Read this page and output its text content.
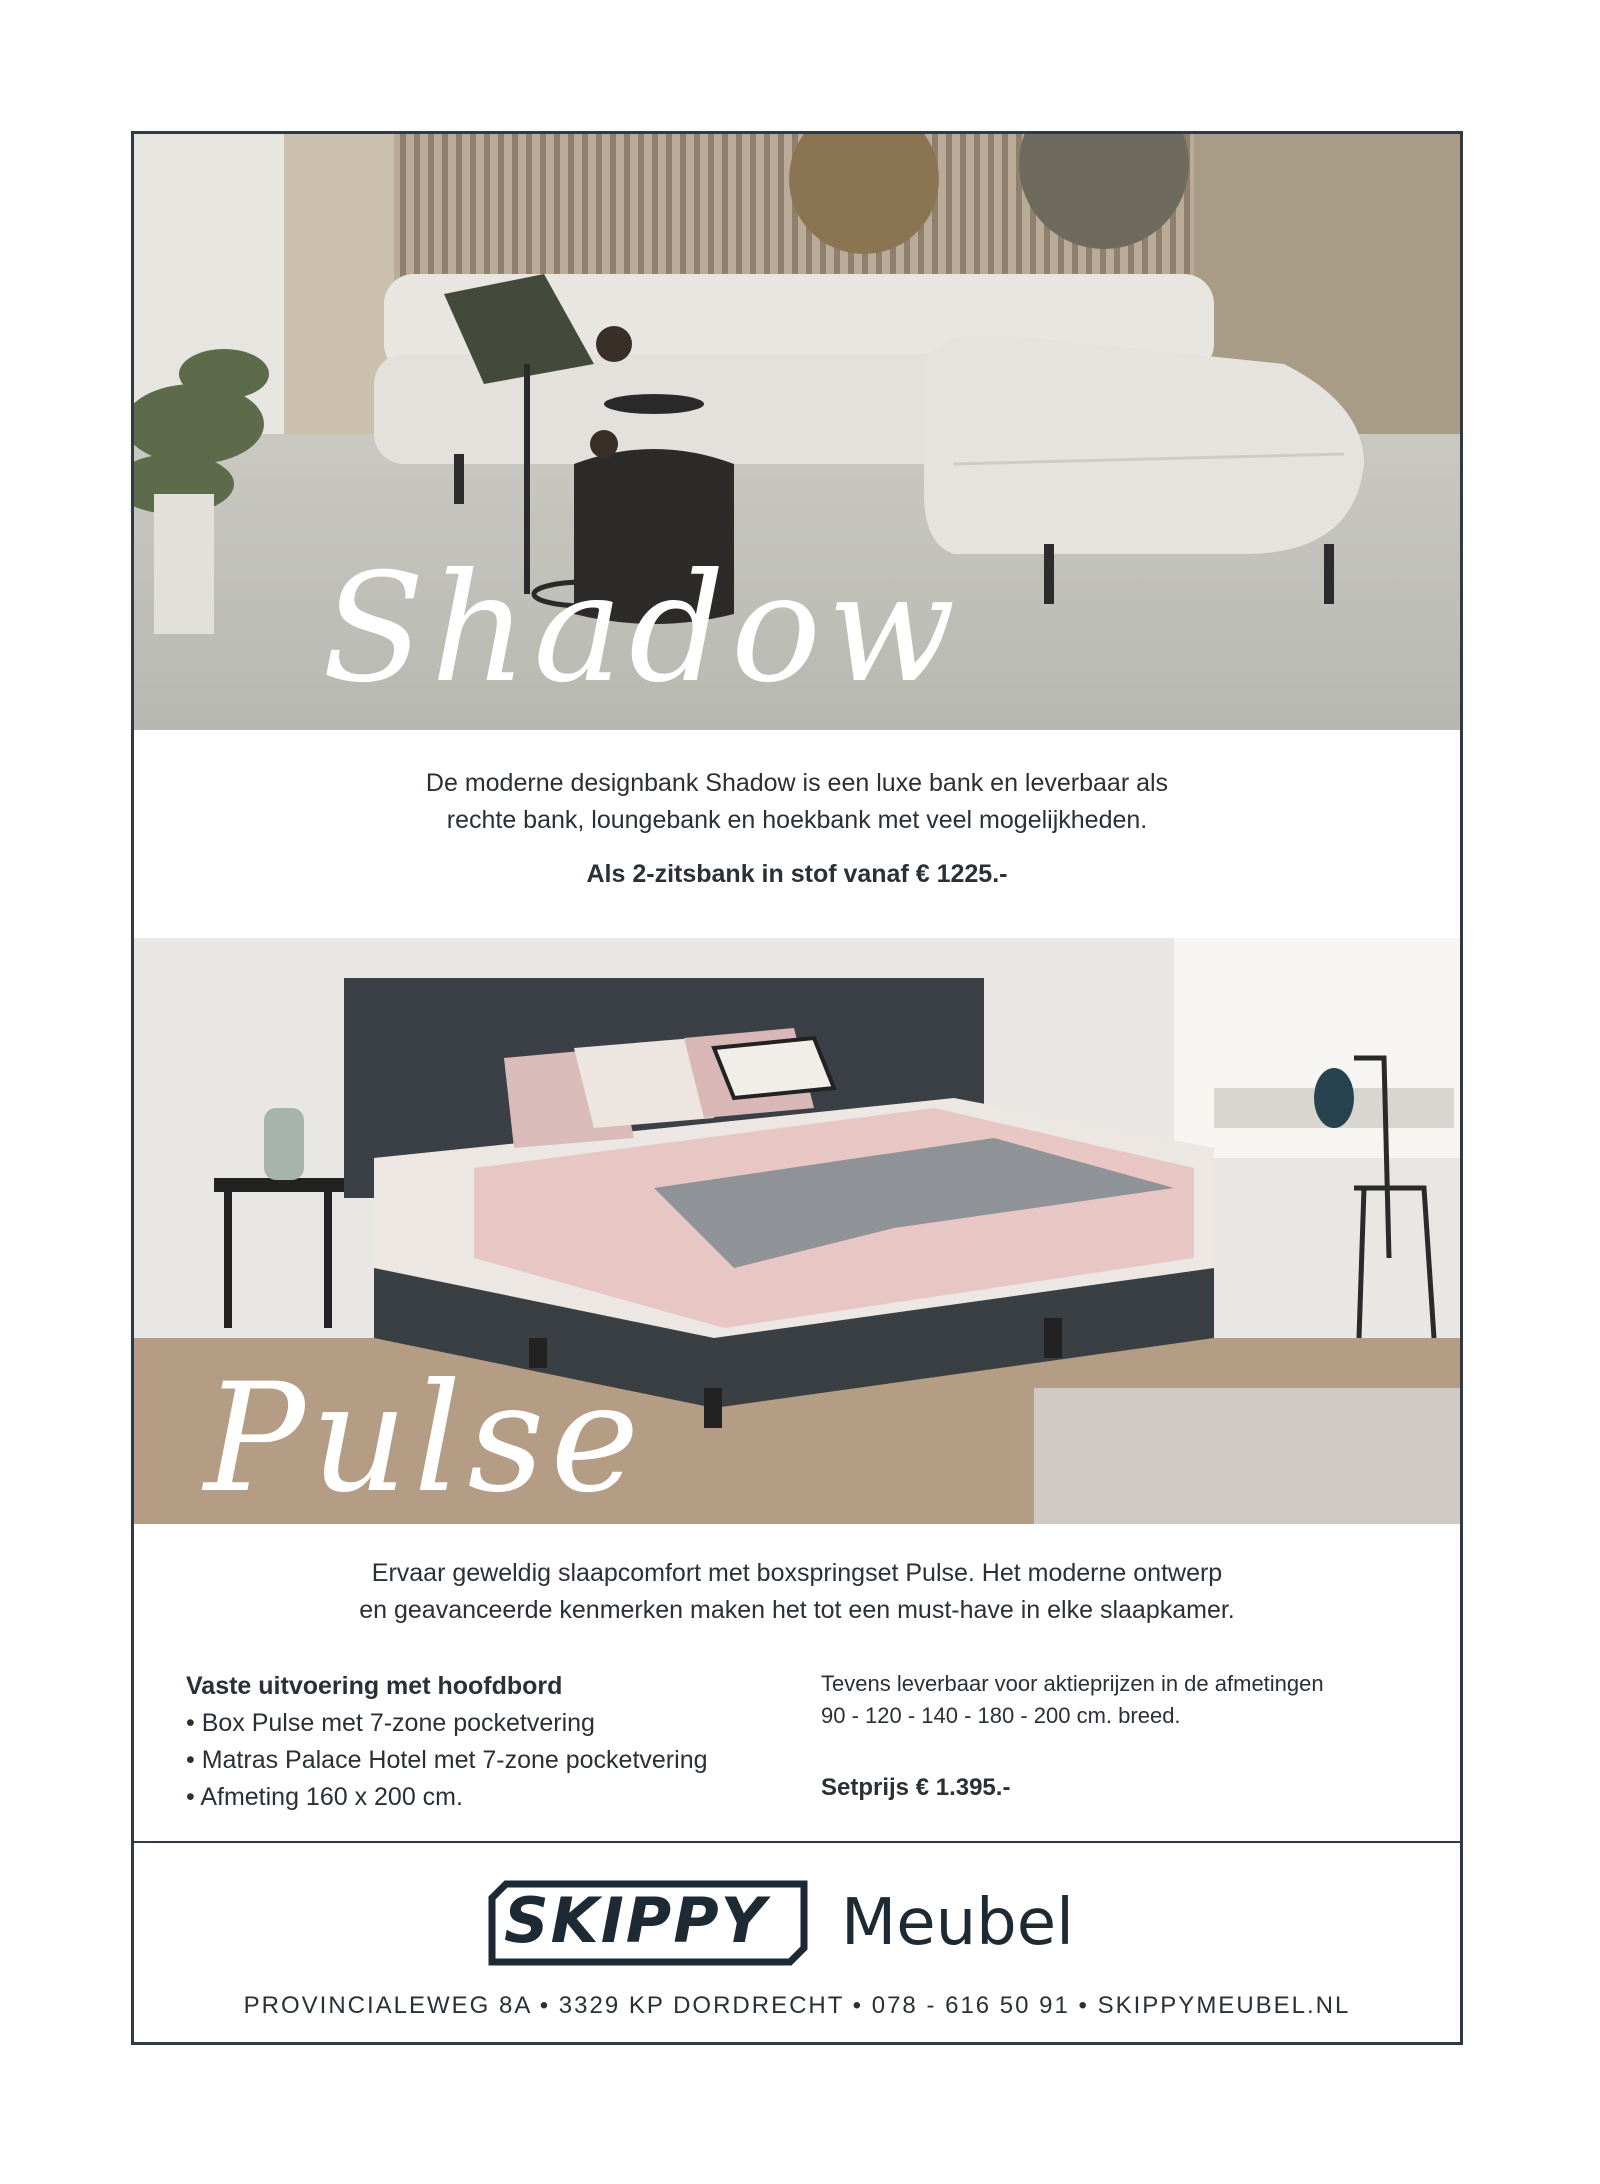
Shadow
De moderne designbank Shadow is een luxe bank en leverbaar als
rechte bank, loungebank en hoekbank met veel mogelijkheden.
Als 2-zitsbank in stof vanaf € 1225.-
Pulse
Ervaar geweldig slaapcomfort met boxspringset Pulse. Het moderne ontwerp
en geavanceerde kenmerken maken het tot een must-have in elke slaapkamer.
Vaste uitvoering met hoofdbord
• Box Pulse met 7-zone pocketvering
• Matras Palace Hotel met 7-zone pocketvering
• Afmeting 160 x 200 cm.
Tevens leverbaar voor aktieprijzen in de afmetingen
90 - 120 - 140 - 180 - 200 cm. breed.
Setprijs € 1.395.-
SKIPPY Meubel
PROVINCIALEWEG 8A • 3329 KP DORDRECHT • 078 - 616 50 91 • SKIPPYMEUBEL.NL
